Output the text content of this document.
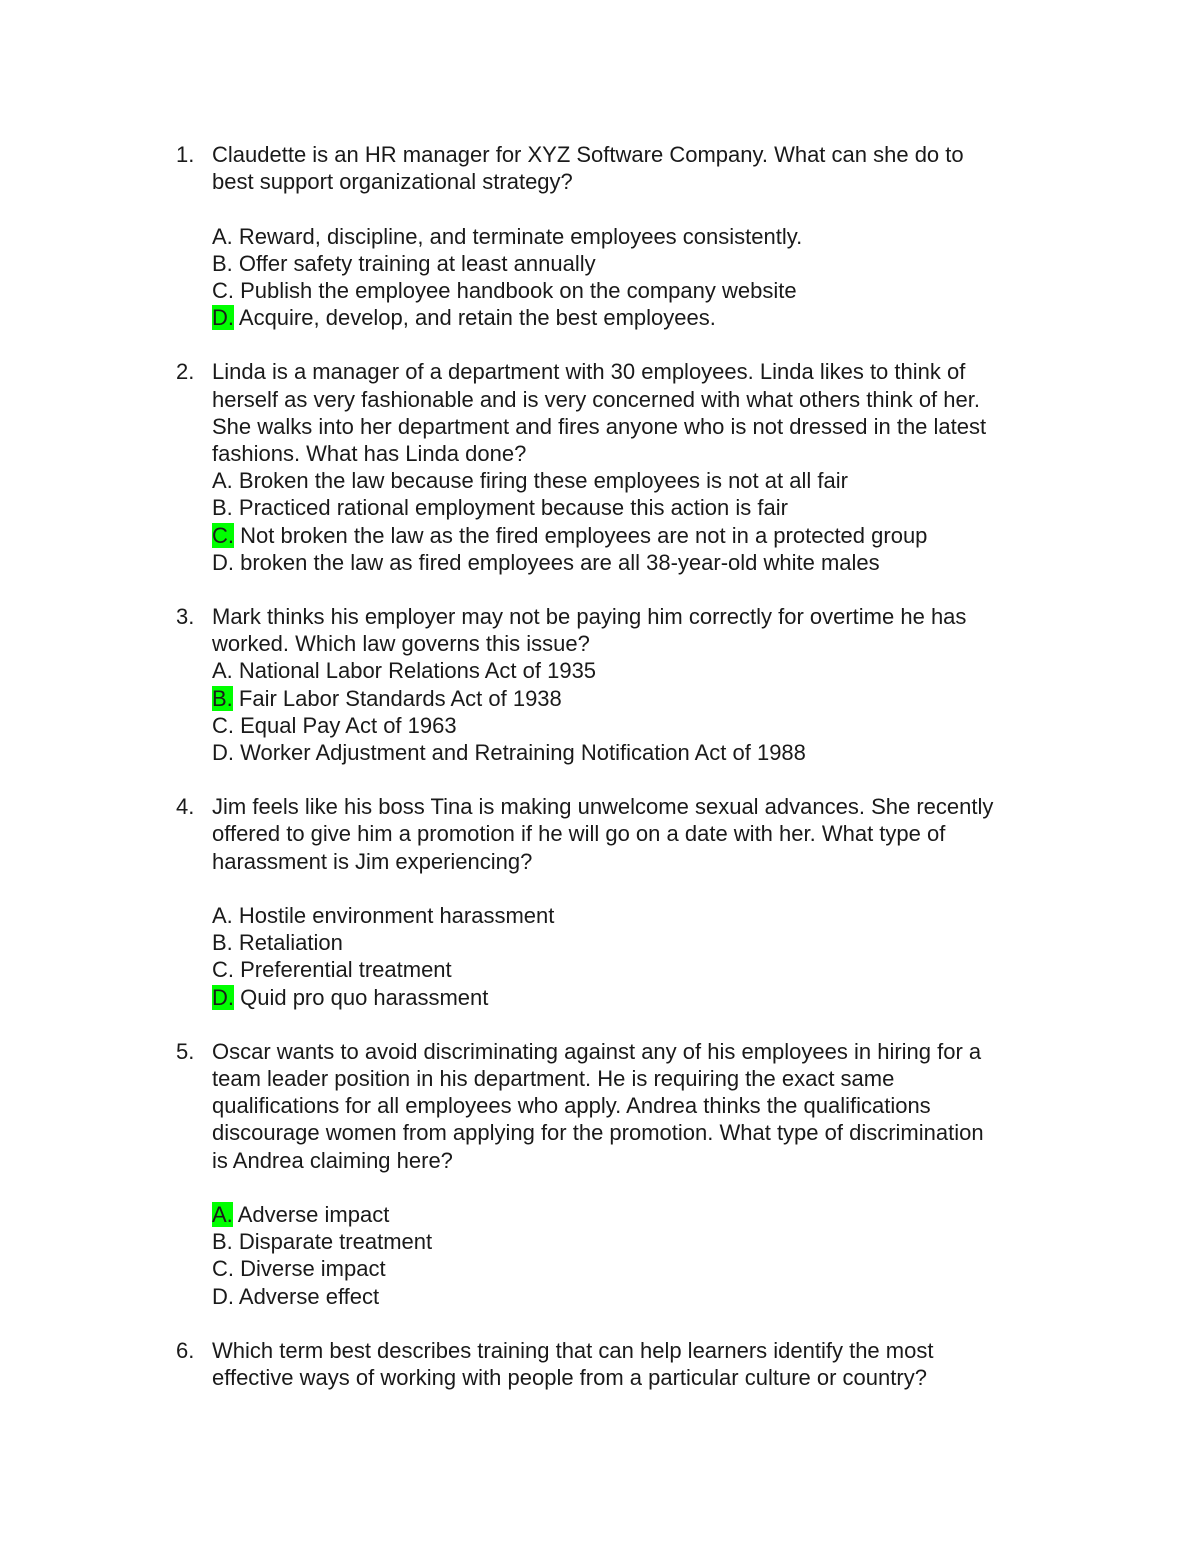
1. Claudette is an HR manager for XYZ Software Company. What can she do to
best support organizational strategy?
A. Reward, discipline, and terminate employees consistently.
B. Offer safety training at least annually
C. Publish the employee handbook on the company website
D. Acquire, develop, and retain the best employees.
2. Linda is a manager of a department with 30 employees. Linda likes to think of
herself as very fashionable and is very concerned with what others think of her.
She walks into her department and fires anyone who is not dressed in the latest
fashions. What has Linda done?
A. Broken the law because firing these employees is not at all fair
B. Practiced rational employment because this action is fair
C. Not broken the law as the fired employees are not in a protected group
D. broken the law as fired employees are all 38-year-old white males
3. Mark thinks his employer may not be paying him correctly for overtime he has
worked. Which law governs this issue?
A. National Labor Relations Act of 1935
B. Fair Labor Standards Act of 1938
C. Equal Pay Act of 1963
D. Worker Adjustment and Retraining Notification Act of 1988
4. Jim feels like his boss Tina is making unwelcome sexual advances. She recently
offered to give him a promotion if he will go on a date with her. What type of
harassment is Jim experiencing?
A. Hostile environment harassment
B. Retaliation
C. Preferential treatment
D. Quid pro quo harassment
5. Oscar wants to avoid discriminating against any of his employees in hiring for a
team leader position in his department. He is requiring the exact same
qualifications for all employees who apply. Andrea thinks the qualifications
discourage women from applying for the promotion. What type of discrimination
is Andrea claiming here?
A. Adverse impact
B. Disparate treatment
C. Diverse impact
D. Adverse effect
6. Which term best describes training that can help learners identify the most
effective ways of working with people from a particular culture or country?
